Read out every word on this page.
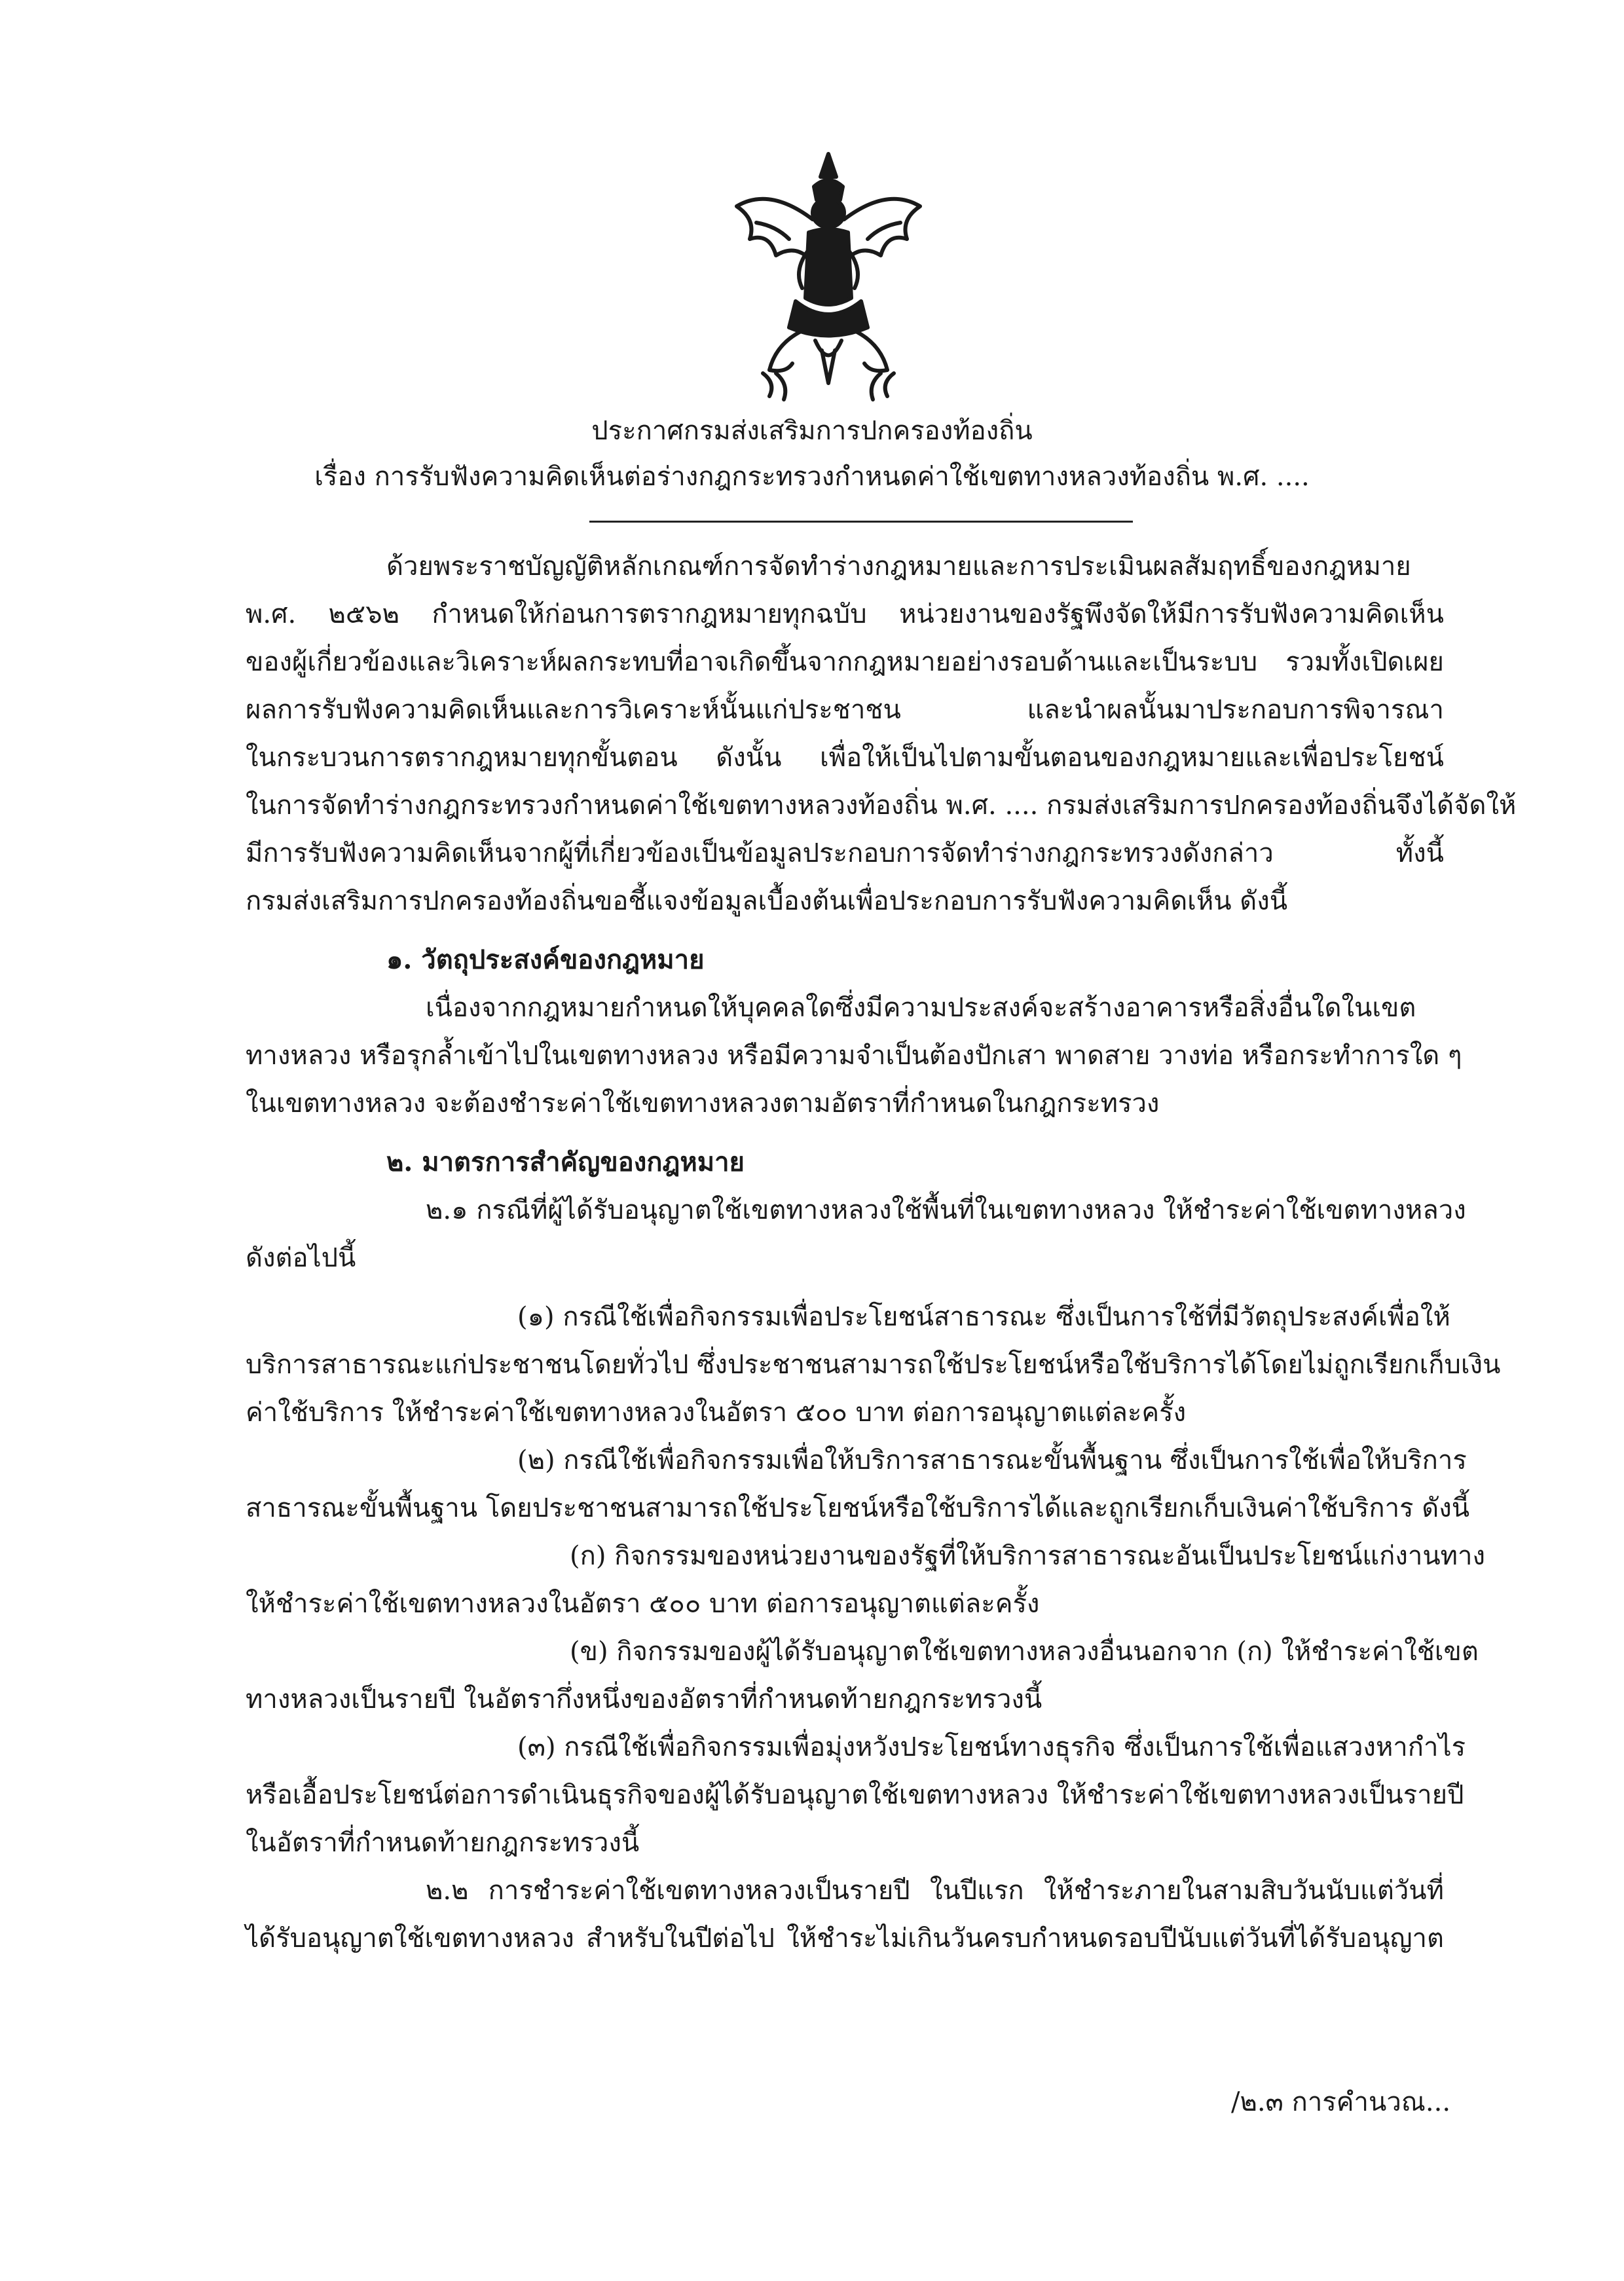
ประกาศกรมส่งเสริมการปกครองท้องถิ่น
เรื่อง การรับฟังความคิดเห็นต่อร่างกฎกระทรวงกำหนดค่าใช้เขตทางหลวงท้องถิ่น พ.ศ. ....
ด้วยพระราชบัญญัติหลักเกณฑ์การจัดทำร่างกฎหมายและการประเมินผลสัมฤทธิ์ของกฎหมาย
พ.ศ. ๒๕๖๒ กำหนดให้ก่อนการตรากฎหมายทุกฉบับ หน่วยงานของรัฐพึงจัดให้มีการรับฟังความคิดเห็น
ของผู้เกี่ยวข้องและวิเคราะห์ผลกระทบที่อาจเกิดขึ้นจากกฎหมายอย่างรอบด้านและเป็นระบบ รวมทั้งเปิดเผย
ผลการรับฟังความคิดเห็นและการวิเคราะห์นั้นแก่ประชาชน และนำผลนั้นมาประกอบการพิจารณา
ในกระบวนการตรากฎหมายทุกขั้นตอน ดังนั้น เพื่อให้เป็นไปตามขั้นตอนของกฎหมายและเพื่อประโยชน์
ในการจัดทำร่างกฎกระทรวงกำหนดค่าใช้เขตทางหลวงท้องถิ่น พ.ศ. .... กรมส่งเสริมการปกครองท้องถิ่นจึงได้จัดให้
มีการรับฟังความคิดเห็นจากผู้ที่เกี่ยวข้องเป็นข้อมูลประกอบการจัดทำร่างกฎกระทรวงดังกล่าว ทั้งนี้
กรมส่งเสริมการปกครองท้องถิ่นขอชี้แจงข้อมูลเบื้องต้นเพื่อประกอบการรับฟังความคิดเห็น ดังนี้
๑. วัตถุประสงค์ของกฎหมาย
เนื่องจากกฎหมายกำหนดให้บุคคลใดซึ่งมีความประสงค์จะสร้างอาคารหรือสิ่งอื่นใดในเขต
ทางหลวง หรือรุกล้ำเข้าไปในเขตทางหลวง หรือมีความจำเป็นต้องปักเสา พาดสาย วางท่อ หรือกระทำการใด ๆ
ในเขตทางหลวง จะต้องชำระค่าใช้เขตทางหลวงตามอัตราที่กำหนดในกฎกระทรวง
๒. มาตรการสำคัญของกฎหมาย
๒.๑ กรณีที่ผู้ได้รับอนุญาตใช้เขตทางหลวงใช้พื้นที่ในเขตทางหลวง ให้ชำระค่าใช้เขตทางหลวง
ดังต่อไปนี้
(๑) กรณีใช้เพื่อกิจกรรมเพื่อประโยชน์สาธารณะ ซึ่งเป็นการใช้ที่มีวัตถุประสงค์เพื่อให้
บริการสาธารณะแก่ประชาชนโดยทั่วไป ซึ่งประชาชนสามารถใช้ประโยชน์หรือใช้บริการได้โดยไม่ถูกเรียกเก็บเงิน
ค่าใช้บริการ ให้ชำระค่าใช้เขตทางหลวงในอัตรา ๕๐๐ บาท ต่อการอนุญาตแต่ละครั้ง
(๒) กรณีใช้เพื่อกิจกรรมเพื่อให้บริการสาธารณะขั้นพื้นฐาน ซึ่งเป็นการใช้เพื่อให้บริการ
สาธารณะขั้นพื้นฐาน โดยประชาชนสามารถใช้ประโยชน์หรือใช้บริการได้และถูกเรียกเก็บเงินค่าใช้บริการ ดังนี้
(ก) กิจกรรมของหน่วยงานของรัฐที่ให้บริการสาธารณะอันเป็นประโยชน์แก่งานทาง
ให้ชำระค่าใช้เขตทางหลวงในอัตรา ๕๐๐ บาท ต่อการอนุญาตแต่ละครั้ง
(ข) กิจกรรมของผู้ได้รับอนุญาตใช้เขตทางหลวงอื่นนอกจาก (ก) ให้ชำระค่าใช้เขต
ทางหลวงเป็นรายปี ในอัตรากึ่งหนึ่งของอัตราที่กำหนดท้ายกฎกระทรวงนี้
(๓) กรณีใช้เพื่อกิจกรรมเพื่อมุ่งหวังประโยชน์ทางธุรกิจ ซึ่งเป็นการใช้เพื่อแสวงหากำไร
หรือเอื้อประโยชน์ต่อการดำเนินธุรกิจของผู้ได้รับอนุญาตใช้เขตทางหลวง ให้ชำระค่าใช้เขตทางหลวงเป็นรายปี
ในอัตราที่กำหนดท้ายกฎกระทรวงนี้
๒.๒ การชำระค่าใช้เขตทางหลวงเป็นรายปี ในปีแรก ให้ชำระภายในสามสิบวันนับแต่วันที่
ได้รับอนุญาตใช้เขตทางหลวง สำหรับในปีต่อไป ให้ชำระไม่เกินวันครบกำหนดรอบปีนับแต่วันที่ได้รับอนุญาต
/๒.๓ การคำนวณ...
